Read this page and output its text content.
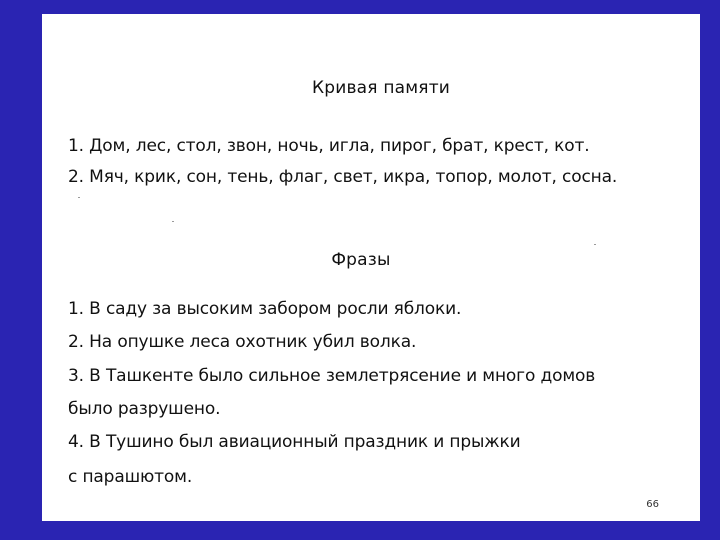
Кривая памяти
1. Дом, лес, стол, звон, ночь, игла, пирог, брат, крест, кот.
2. Мяч, крик, сон, тень, флаг, свет, икра, топор, молот, сосна.
Фразы
1. В саду за высоким забором росли яблоки.
2. На опушке леса охотник убил волка.
3. В Ташкенте было сильное землетрясение и много домов
было разрушено.
4. В Тушино был авиационный праздник и прыжки
с парашютом.
66
